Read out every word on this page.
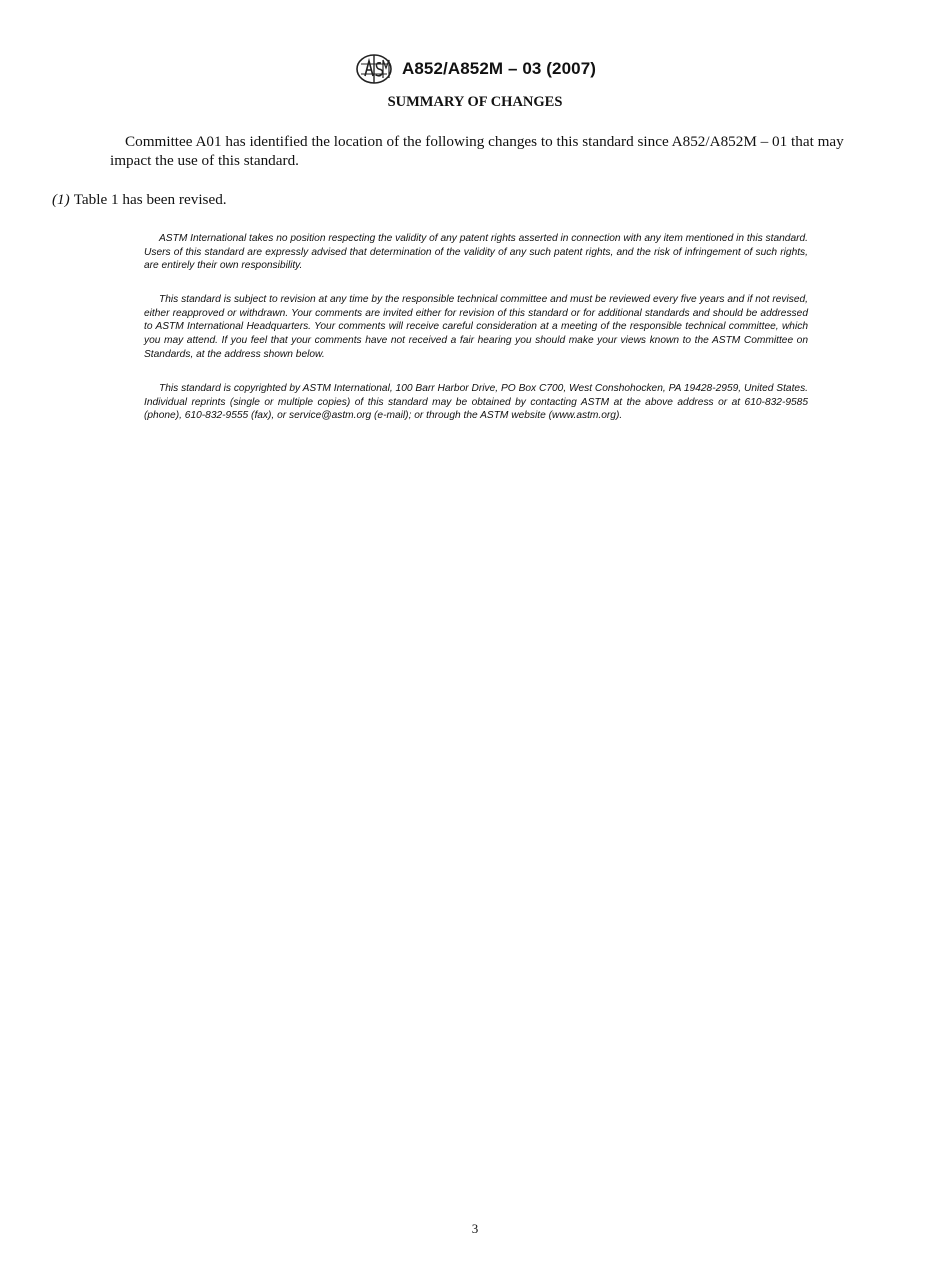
A852/A852M – 03 (2007)
SUMMARY OF CHANGES

Committee A01 has identified the location of the following changes to this standard since A852/A852M – 01 that may impact the use of this standard.

(1) Table 1 has been revised.

ASTM International takes no position respecting the validity of any patent rights asserted in connection with any item mentioned in this standard. Users of this standard are expressly advised that determination of the validity of any such patent rights, and the risk of infringement of such rights, are entirely their own responsibility.

This standard is subject to revision at any time by the responsible technical committee and must be reviewed every five years and if not revised, either reapproved or withdrawn. Your comments are invited either for revision of this standard or for additional standards and should be addressed to ASTM International Headquarters. Your comments will receive careful consideration at a meeting of the responsible technical committee, which you may attend. If you feel that your comments have not received a fair hearing you should make your views known to the ASTM Committee on Standards, at the address shown below.

This standard is copyrighted by ASTM International, 100 Barr Harbor Drive, PO Box C700, West Conshohocken, PA 19428-2959, United States. Individual reprints (single or multiple copies) of this standard may be obtained by contacting ASTM at the above address or at 610-832-9585 (phone), 610-832-9555 (fax), or service@astm.org (e-mail); or through the ASTM website (www.astm.org).

3
